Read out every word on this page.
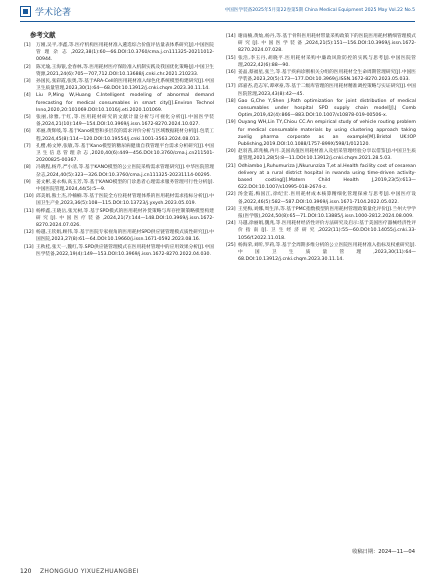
学术论著	中国医学装备2025年5月第22卷第5期 China Medical Equipment 2025 May Vol.22 No.5
参考文献
[1]	万刚,吴平,李鑫,等.医疗机构医用耗材准入遴选综合价值评估量表体系研究[J].中国医院管理杂志,2022,38(1):60—66.DOI:10.3760/cma.j.cn111325-20211012-00944.
[2]	陈光瑜,王海银,金春林,等.医用耗材医疗保险准入机制实践及我国优化策略[J].中国卫生资源,2021,24(6):705—707,712.DOI:10.13688/j.cnki.chr.2021.210233.
[3]	孙国民,张彩霞,张奥,等.基于ARA-Cell的医用耗材准入绿色化系统模型构建研究[J].中国卫生质量管理,2023,30(1):64—68.DOI:10.13912/j.cnki.chqm.2023.30.11.14.
[4]	Liu P,Ming W,Huang C.Intelligent modeling of abnormal demand forecasting for medical consumables in smart city[J].Environ Technol Inno,2020,20:101069.DOI:10.1016/j.eti.2020.101069.
[5]	张丽,徐雅,于红,等.医用耗材研究的文献计量分析与可视化分析[J].中国医学装备,2024,21(10):149—154.DOI:10.3969/j.issn.1672-8270.2024.10.027.
[6]	邓丽,黄辉岐,等.基于Kano模型和多层次的需求评价分析与区域数据耗材分析[J].包装工程,2024,45(8):114—120.DOI:10.19554/j.cnki.1001-3563.2024.08.013.
[7]	孔樱,杨文婷,张敏,等.基于Kano模型的糖尿病健康自我管理平台需求分析研究[J].中国卫生信息管理杂志,2020,40(6):449—456.DOI:10.3760/cma.j.cn211501-20200825-00367.
[8]	冯晓程,杨芹,严小清,等.基于KANO模型的公立医院采购需求管理研究[J].中华医院管理杂志,2024,40(5):323—326.DOI:10.3760/cma.j.cn111325-20231114-00295.
[9]	姜文彬,姜永梅,高玉芳,等.基于KANO模型的门诊患者心理需求服务管理可行性分析[J].中国医院管理,2024,44(5):5—9.
[10] 邱美娟,熊士杰,冷楠楠.等.基于医院全方位耗材管理体系的医用耗材需求指标分析[J].中国卫生产业,2023,36(5):108—115.DOI:10.13723/j.yxysh.2023.05.019.
[11] 杨桦鑫,王晓岳,张光树,等.基于SPD模式的医用耗材补货策略与库存控制策略模型构建研究[J].中国医疗装备,2024,21(7):144—148.DOI:10.3969/j.issn.1672-8270.2024.07.026.
[12] 杨越,王钦娟,顾伟,等.基于医院专家视角的医用耗材SPD供应链管理模式质性研究[J].中国医院,2023,27(8):61—64.DOI:10.19660/j.issn.1671-0592.2023.08.16.
[13] 王秋桂,张天一,魏红,等.SPD供应链管理模式在医用耗材管理中的应用效果分析[J].中国医学装备,2022,19(4):149—153.DOI:10.3969/j.issn.1672-8270.2022.04.030.
[14] 谢雨楠,黄灿,杨丹,等.基于骨科医用耗材带量采购政策下的医院医用耗材精细管理模式研究[J].中国医学装备,2024,21(5):151—156.DOI:10.3969/j.issn.1672-8270.2024.07.028.
[15] 张浩,李玉丹,胡晓平.医用耗材采购中廉政风险防控的实践与思考[J].中国医院管理,2022,42(6):88—90.
[16] 姜晶,蔡福星,张兰,等.基于疾病诊断相关分组的医用耗材全生命周期管理研究[J].中国医学装备,2023,20(5):173—177.DOI:10.3969/j.ISSN.1672-8270.2023.05.033.
[17] 邱嘉杏,范志军,谭翠豪,等.基于二级库管理的医用耗材精准调控策略与实证研究[J].中国医院管理,2023,43(8):42—45.
[18] Gao G,Che Y,Shen J.Path optimization for joint distribution of medical consumables under hospital SPD supply chain model[J].J Comb Optim,2019,42(4):866—883.DOI:10.1007/s10878-019-00506-x.
[19] Ouyang WH,Lin TY,Chiou CC.An empirical study of vehicle routing problem for medical consumable materials by using clustering approach taking zuelig pharma corporate as an example[M].Bristol UK:IOP Publishing,2019.DOI:10.1088/1757-899X/598/1/012120.
[20] 赵羽茜,邱兆楠,冉月.美国高值医用耗材准入及招采管理经验分享以借鉴[J].中国卫生质量管理,2021,28(5):8—11.DOI:10.13912/j.cnki.chqm.2021.28.5.03.
[21] Odhiambo J,Ruhumuriza J,Nkurunziza T,et al.Health facility cost of cesarean delivery at a rural district hospital in rwanda using time-driven activity-based costing[J].Matern Child Health J,2019,23(5):613—622.DOI:10.1007/s10995-018-2674-z.
[22] 汤金霞,梅国江,徐纪宏.医用耗材成本核算精细化管理探索与思考[J].中国医疗设备,2022,46(5):582—587.DOI:10.3969/j.issn.1671-7104.2022.05.022.
[23] 王宪梅,刘娜,周生泽,等.基于PMC指数模型的医用耗材管理政策量化评价[J].兰州大学学报(医学版),2024,50(8):65—71.DOI:10.13885/j.issn.1000-2812.2024.08.009.
[24] 马越,徐丽娟,魏兆,等.医用耗材经济性评价方法研究及启示:基于美国医疗器械经济性评价指南[J].卫生经济研究,2022(11):55—60.DOI:10.14055/j.cnki.33-1056/f.2022.11.018.
[25] 杨海荣,刘昕,罗莉,等.基于全周期多维分析的公立医院医用耗材准入指标及权重研究[J].中国卫生质量管理,2023,30(11):64—68.DOI:10.13912/j.cnki.chqm.2023.30.11.14.
收稿日期：2024—11—04
120 ZHONGGUO YIXUEZHUANGBEI
